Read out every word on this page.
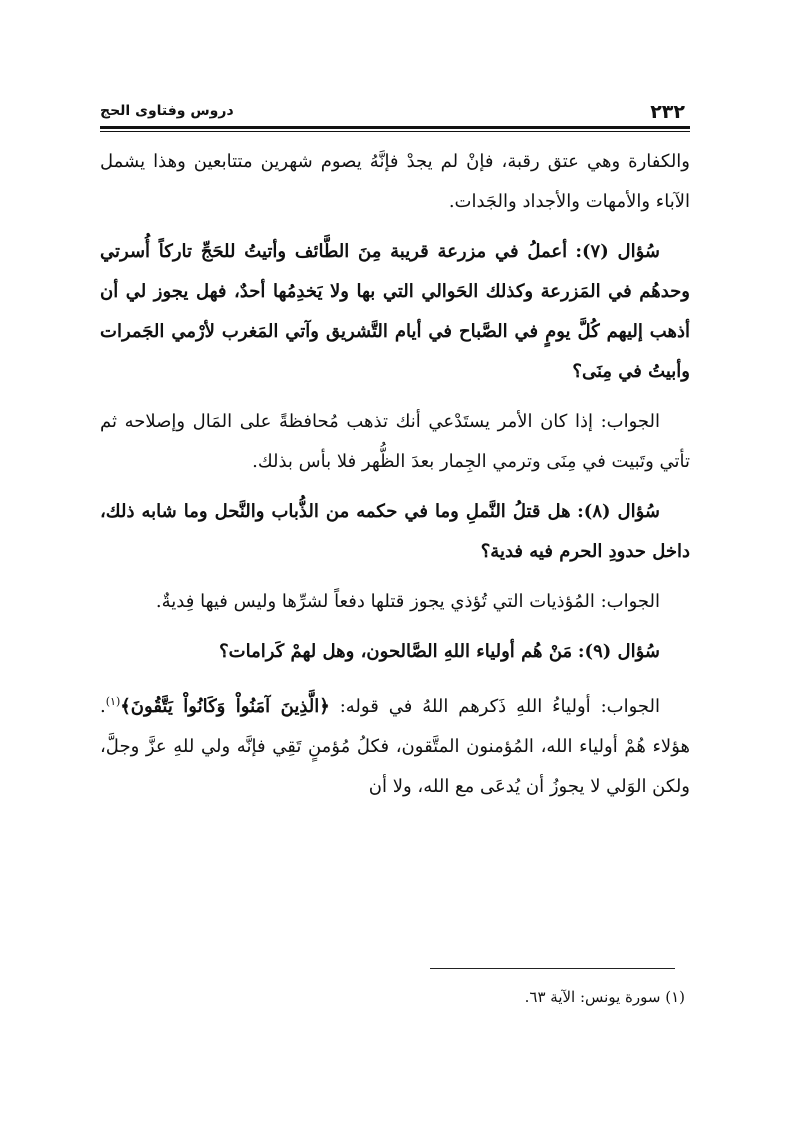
٢٣٢
دروس وفتاوى الحج

والكفارة وهي عتق رقبة، فإنْ لم يجدْ فإنَّهُ يصوم شهرين متتابعين وهذا يشمل الآباء والأمهات والأجداد والجَدات.

سُؤال (٧): أعملُ في مزرعة قريبة مِنَ الطَّائف وأتيتُ للحَجِّ تاركاً أُسرتي وحدهُم في المَزرعة وكذلك الحَوالي التي بها ولا يَخدِمُها أحدٌ، فهل يجوز لي أن أذهب إليهم كُلَّ يومٍ في الصَّباح في أيام التَّشريق وآتي المَغرب لأرْمي الجَمرات وأبيتُ في مِنَى؟

الجواب: إذا كان الأمر يستَدْعي أنك تذهب مُحافظةً على المَال وإصلاحه ثم تأتي وتَبيت في مِنَى وترمي الجِمار بعدَ الظُّهر فلا بأس بذلك.

سُؤال (٨): هل قتلُ النَّملِ وما في حكمه من الذُّباب والنَّحل وما شابه ذلك، داخل حدودِ الحرم فيه فدية؟

الجواب: المُؤذيات التي تُؤذي يجوز قتلها دفعاً لشرِّها وليس فيها فِديةٌ.

سُؤال (٩): مَنْ هُم أولياء اللهِ الصَّالحون، وهل لهمْ كَرامات؟

الجواب: أولياءُ اللهِ ذَكرهم اللهُ في قوله: ﴿الَّذِينَ آمَنُواْ وَكَانُواْ يَتَّقُونَ﴾$^{(١)}$. هؤلاء هُمْ أولياء الله، المُؤمنون المتَّقون، فكلُ مُؤمنٍ تَقِي فإنَّه ولي للهِ عزَّ وجلَّ، ولكن الوَلي لا يجوزُ أن يُدعَى مع الله، ولا أن

(١) سورة يونس: الآية ٦٣.
